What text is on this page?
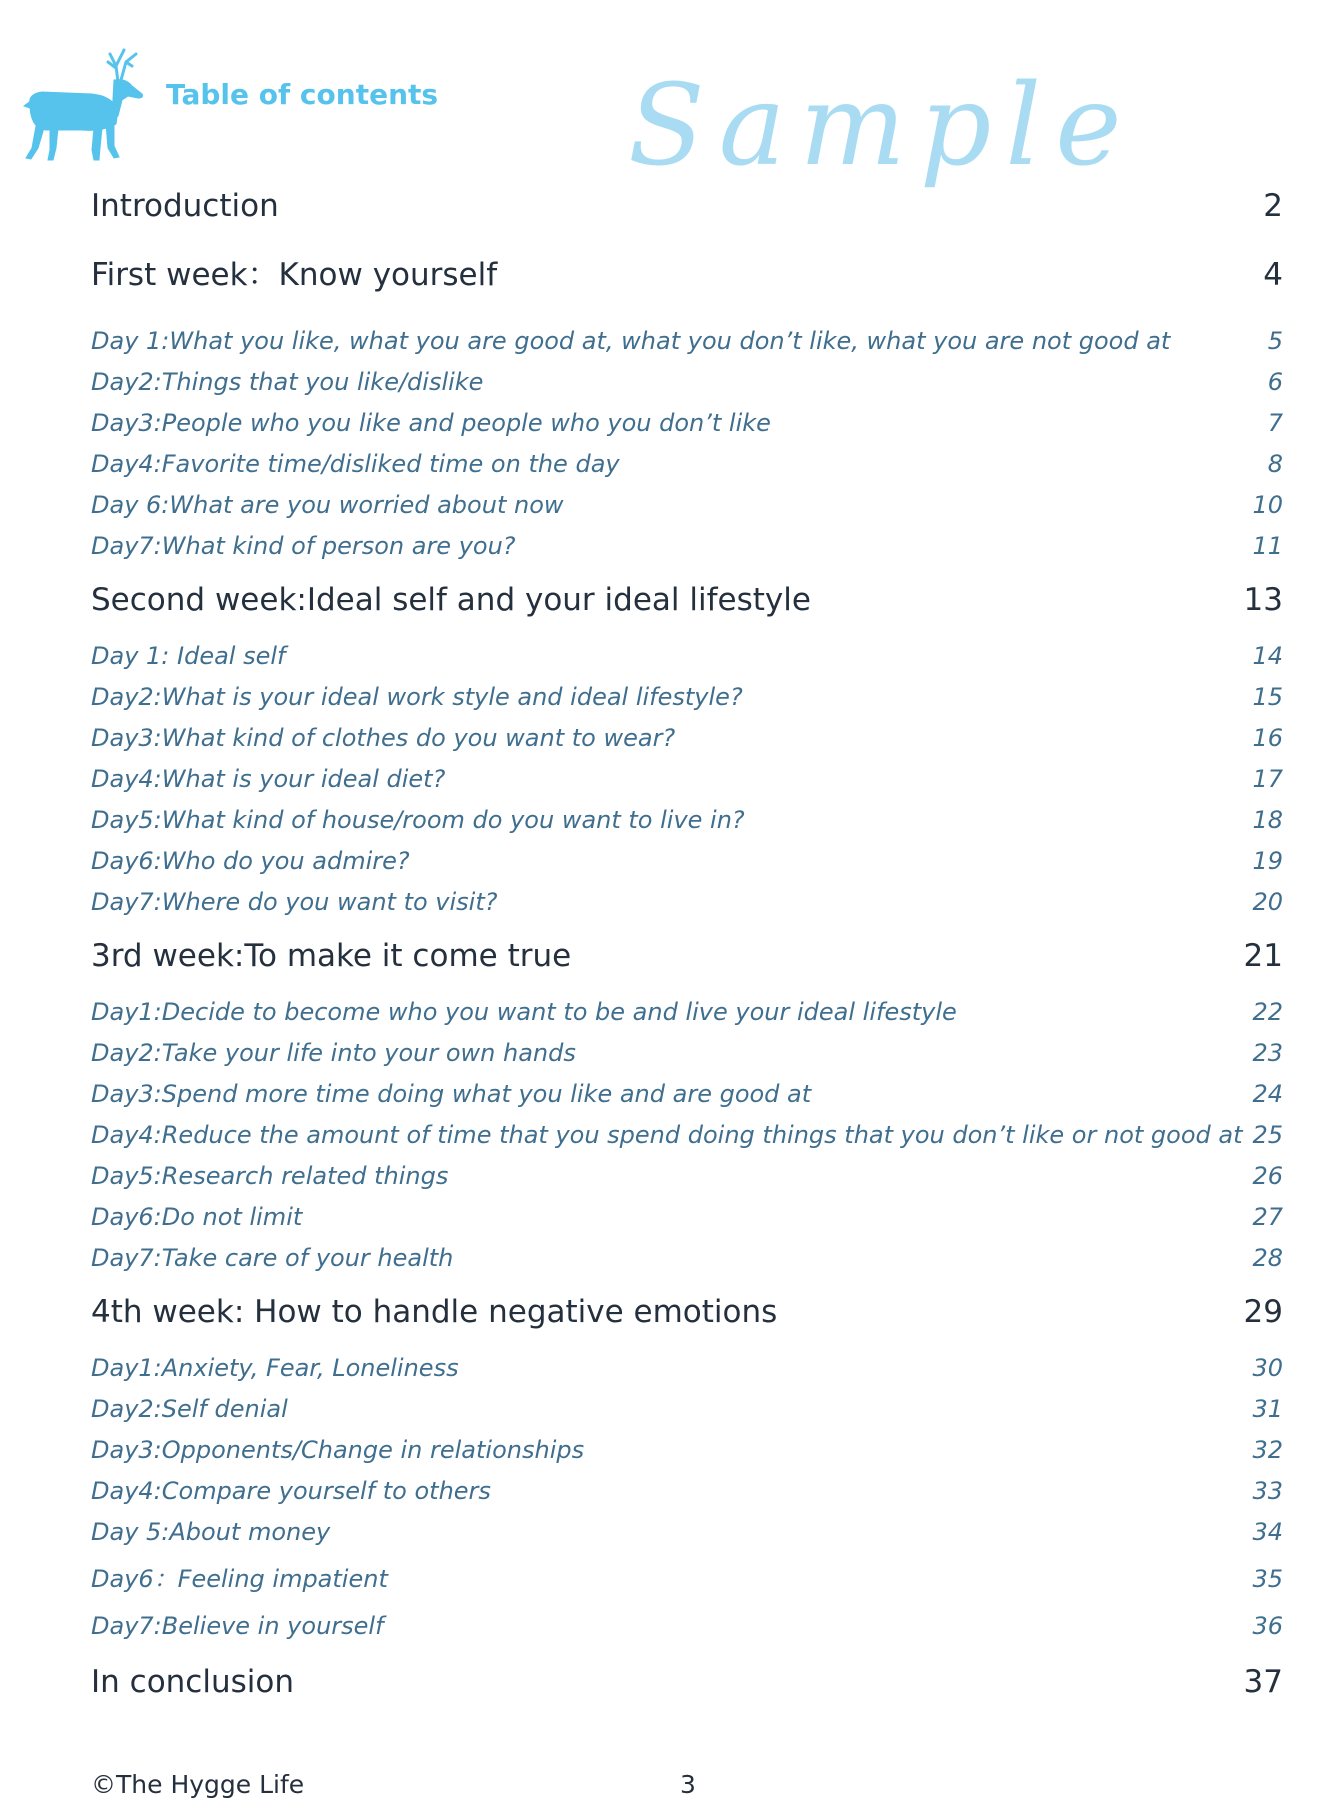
Table of contents Sample
Introduction	2
First week：Know yourself	4
Day 1:What you like, what you are good at, what you don’t like, what you are not good at	5
Day2:Things that you like/dislike	6
Day3:People who you like and people who you don’t like	7
Day4:Favorite time/disliked time on the day	8
Day 6:What are you worried about now	10
Day7:What kind of person are you?	11
Second week:Ideal self and your ideal lifestyle	13
Day 1: Ideal self	14
Day2:What is your ideal work style and ideal lifestyle?	15
Day3:What kind of clothes do you want to wear?	16
Day4:What is your ideal diet?	17
Day5:What kind of house/room do you want to live in?	18
Day6:Who do you admire?	19
Day7:Where do you want to visit?	20
3rd week:To make it come true	21
Day1:Decide to become who you want to be and live your ideal lifestyle	22
Day2:Take your life into your own hands	23
Day3:Spend more time doing what you like and are good at	24
Day4:Reduce the amount of time that you spend doing things that you don’t like or not good at 25
Day5:Research related things	26
Day6:Do not limit	27
Day7:Take care of your health	28
4th week: How to handle negative emotions	29
Day1:Anxiety, Fear, Loneliness	30
Day2:Self denial	31
Day3:Opponents/Change in relationships	32
Day4:Compare yourself to others	33
Day 5:About money	34
Day6：Feeling impatient	35
Day7:Believe in yourself	36
In conclusion	37
©The Hygge Life	3
